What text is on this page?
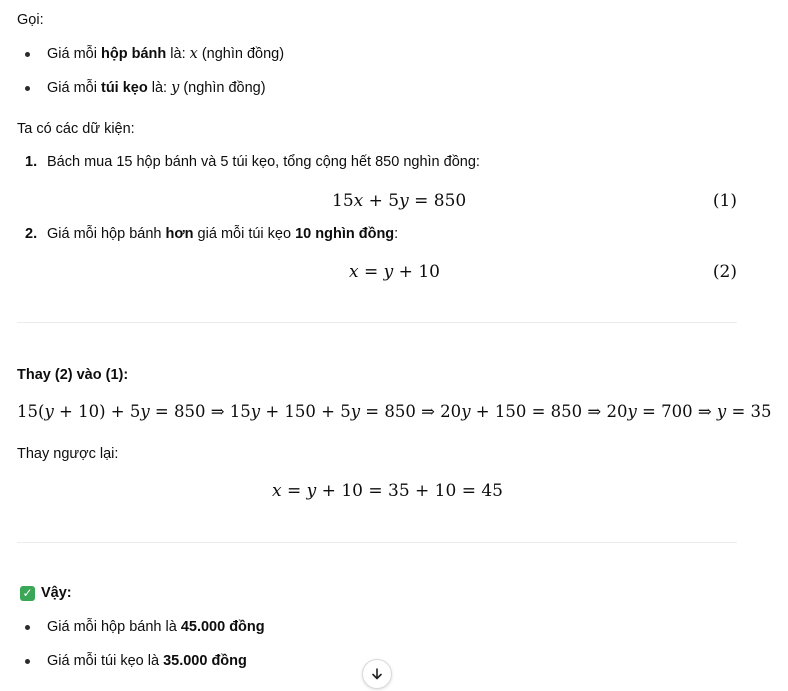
Gọi:
Giá mỗi hộp bánh là: x (nghìn đồng)
Giá mỗi túi kẹo là: y (nghìn đồng)
Ta có các dữ kiện:
1. Bách mua 15 hộp bánh và 5 túi kẹo, tổng cộng hết 850 nghìn đồng:
15x + 5y = 850	(1)
2. Giá mỗi hộp bánh hơn giá mỗi túi kẹo 10 nghìn đồng:
x = y + 10	(2)
Thay (2) vào (1):
15(y + 10) + 5y = 850 ⇒ 15y + 150 + 5y = 850 ⇒ 20y + 150 = 850 ⇒ 20y = 700 ⇒ y = 35
Thay ngược lại:
x = y + 10 = 35 + 10 = 45
✓ Vậy:
Giá mỗi hộp bánh là 45.000 đồng
Giá mỗi túi kẹo là 35.000 đồng
